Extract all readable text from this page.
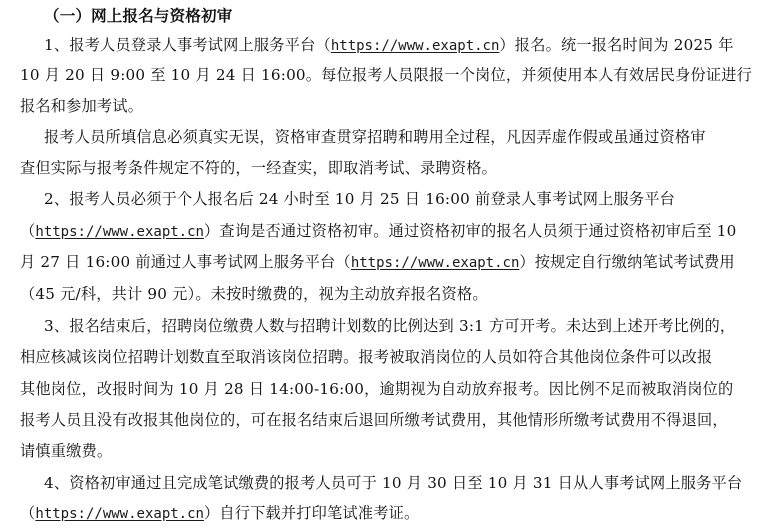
（一）网上报名与资格初审
1、报考人员登录人事考试网上服务平台（https://www.exapt.cn）报名。统一报名时间为 2025 年
10 月 20 日 9:00 至 10 月 24 日 16:00。每位报考人员限报一个岗位，并须使用本人有效居民身份证进行
报名和参加考试。
报考人员所填信息必须真实无误，资格审查贯穿招聘和聘用全过程，凡因弄虚作假或虽通过资格审
查但实际与报考条件规定不符的，一经查实，即取消考试、录聘资格。
2、报考人员必须于个人报名后 24 小时至 10 月 25 日 16:00 前登录人事考试网上服务平台
（https://www.exapt.cn）查询是否通过资格初审。通过资格初审的报名人员须于通过资格初审后至 10
月 27 日 16:00 前通过人事考试网上服务平台（https://www.exapt.cn）按规定自行缴纳笔试考试费用
（45 元/科，共计 90 元）。未按时缴费的，视为主动放弃报名资格。
3、报名结束后，招聘岗位缴费人数与招聘计划数的比例达到 3:1 方可开考。未达到上述开考比例的，
相应核减该岗位招聘计划数直至取消该岗位招聘。报考被取消岗位的人员如符合其他岗位条件可以改报
其他岗位，改报时间为 10 月 28 日 14:00-16:00，逾期视为自动放弃报考。因比例不足而被取消岗位的
报考人员且没有改报其他岗位的，可在报名结束后退回所缴考试费用，其他情形所缴考试费用不得退回，
请慎重缴费。
4、资格初审通过且完成笔试缴费的报考人员可于 10 月 30 日至 10 月 31 日从人事考试网上服务平台
（https://www.exapt.cn）自行下载并打印笔试准考证。
